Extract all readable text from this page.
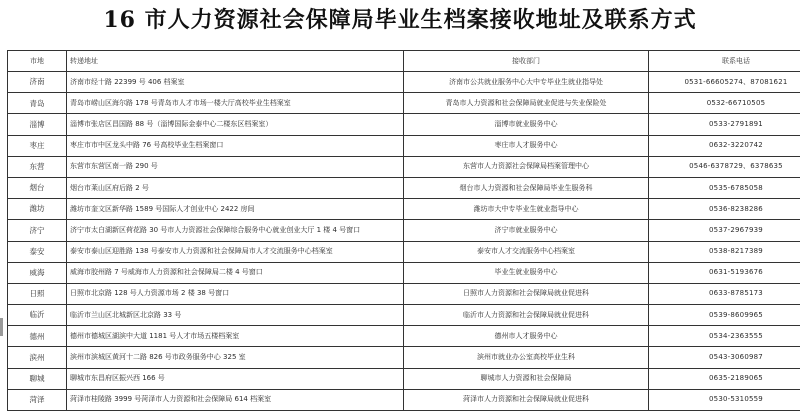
16 市人力资源社会保障局毕业生档案接收地址及联系方式
市地	转递地址	接收部门	联系电话
济南	济南市经十路 22399 号 406 档案室	济南市公共就业服务中心大中专毕业生就业指导处	0531-66605274、87081621
青岛	青岛市崂山区海尔路 178 号青岛市人才市场一楼大厅高校毕业生档案室	青岛市人力资源和社会保障局就业促进与失业保险处	0532-66710505
淄博	淄博市张店区昌国路 88 号（淄博国际金泰中心二楼东区档案室）	淄博市就业服务中心	0533-2791891
枣庄	枣庄市市中区龙头中路 76 号高校毕业生档案窗口	枣庄市人才服务中心	0632-3220742
东营	东营市东营区南一路 290 号	东营市人力资源社会保障局档案管理中心	0546-6378729、6378635
烟台	烟台市莱山区府后路 2 号	烟台市人力资源和社会保障局毕业生服务科	0535-6785058
潍坊	潍坊市奎文区新华路 1589 号国际人才创业中心 2422 房间	潍坊市大中专毕业生就业指导中心	0536-8238286
济宁	济宁市太白湖新区荷花路 30 号市人力资源社会保障综合服务中心就业创业大厅 1 楼 4 号窗口	济宁市就业服务中心	0537-2967939
泰安	泰安市泰山区迎胜路 138 号泰安市人力资源和社会保障局市人才交流服务中心档案室	泰安市人才交流服务中心档案室	0538-8217389
威海	威海市胶州路 7 号威海市人力资源和社会保障局二楼 4 号窗口	毕业生就业服务中心	0631-5193676
日照	日照市北京路 128 号人力资源市场 2 楼 38 号窗口	日照市人力资源和社会保障局就业促进科	0633-8785173
临沂	临沂市兰山区北城新区北京路 33 号	临沂市人力资源和社会保障局就业促进科	0539-8609965
德州	德州市德城区湖滨中大道 1181 号人才市场五楼档案室	德州市人才服务中心	0534-2363555
滨州	滨州市滨城区黄河十二路 826 号市政务服务中心 325 室	滨州市就业办公室高校毕业生科	0543-3060987
聊城	聊城市东昌府区振兴西 166 号	聊城市人力资源和社会保障局	0635-2189065
菏泽	菏泽市桂陵路 3999 号菏泽市人力资源和社会保障局 614 档案室	菏泽市人力资源和社会保障局就业促进科	0530-5310559
